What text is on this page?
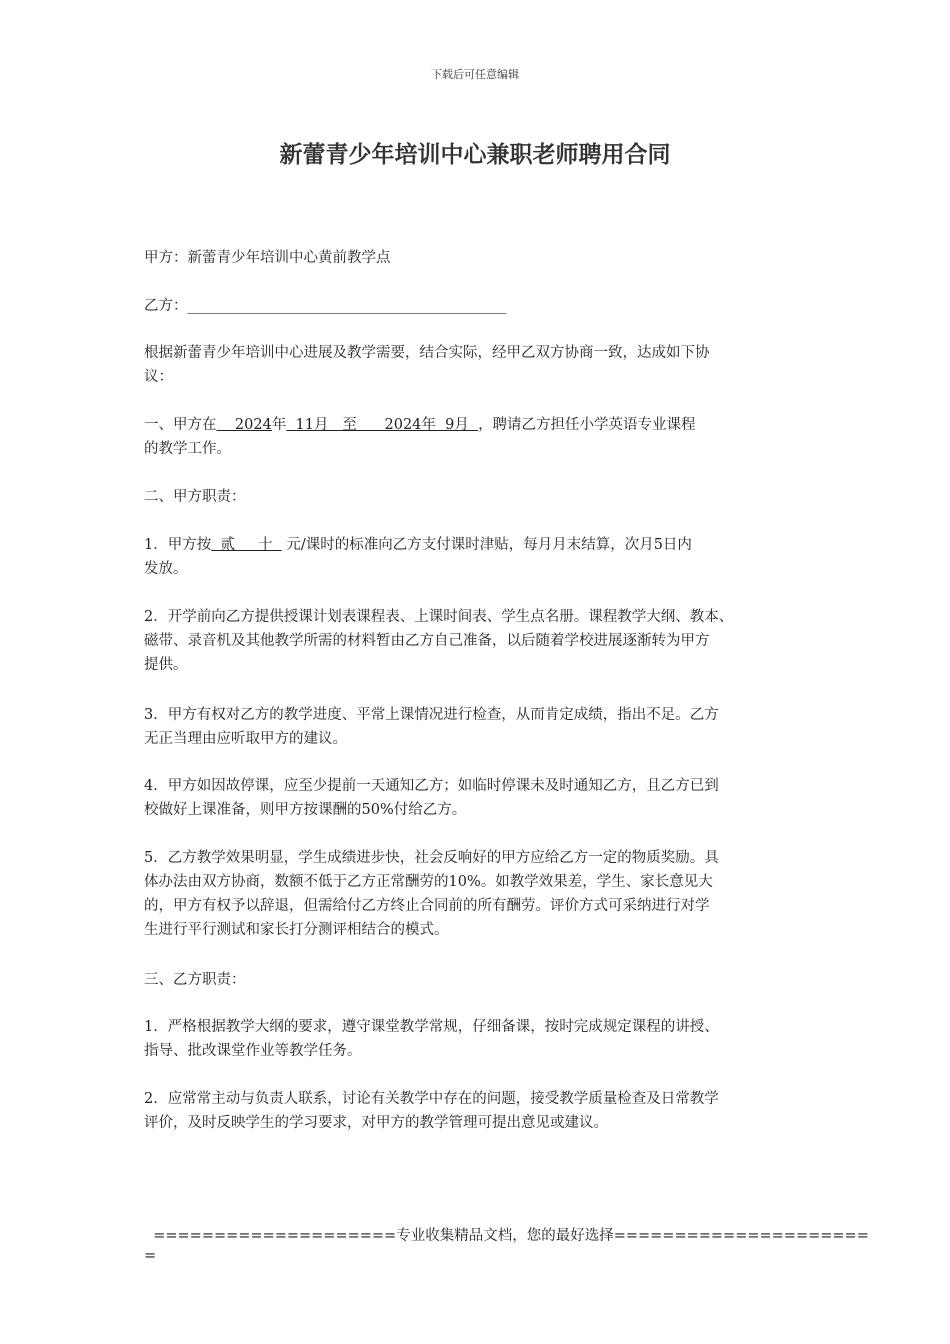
下载后可任意编辑
新蕾青少年培训中心兼职老师聘用合同
甲方：新蕾青少年培训中心黄前教学点
乙方：____________________________________________
根据新蕾青少年培训中心进展及教学需要，结合实际，经甲乙双方协商一致，达成如下协
议：
一、甲方在    2024年  11月   至      2024年  9月  ，聘请乙方担任小学英语专业课程
的教学工作。
二、甲方职责：
1．甲方按  贰     十   元/课时的标准向乙方支付课时津贴，每月月末结算，次月5日内
发放。
2．开学前向乙方提供授课计划表课程表、上课时间表、学生点名册。课程教学大纲、教本、
磁带、录音机及其他教学所需的材料暂由乙方自己准备，以后随着学校进展逐渐转为甲方
提供。
3．甲方有权对乙方的教学进度、平常上课情况进行检查，从而肯定成绩，指出不足。乙方
无正当理由应听取甲方的建议。
4．甲方如因故停课，应至少提前一天通知乙方；如临时停课未及时通知乙方，且乙方已到
校做好上课准备，则甲方按课酬的50%付给乙方。
5．乙方教学效果明显，学生成绩进步快，社会反响好的甲方应给乙方一定的物质奖励。具
体办法由双方协商，数额不低于乙方正常酬劳的10%。如教学效果差，学生、家长意见大
的，甲方有权予以辞退，但需给付乙方终止合同前的所有酬劳。评价方式可采纳进行对学
生进行平行测试和家长打分测评相结合的模式。
三、乙方职责：
1．严格根据教学大纲的要求，遵守课堂教学常规，仔细备课，按时完成规定课程的讲授、
指导、批改课堂作业等教学任务。
2．应常常主动与负责人联系，讨论有关教学中存在的问题，接受教学质量检查及日常教学
评价，及时反映学生的学习要求，对甲方的教学管理可提出意见或建议。
====================专业收集精品文档，您的最好选择=====================
=
